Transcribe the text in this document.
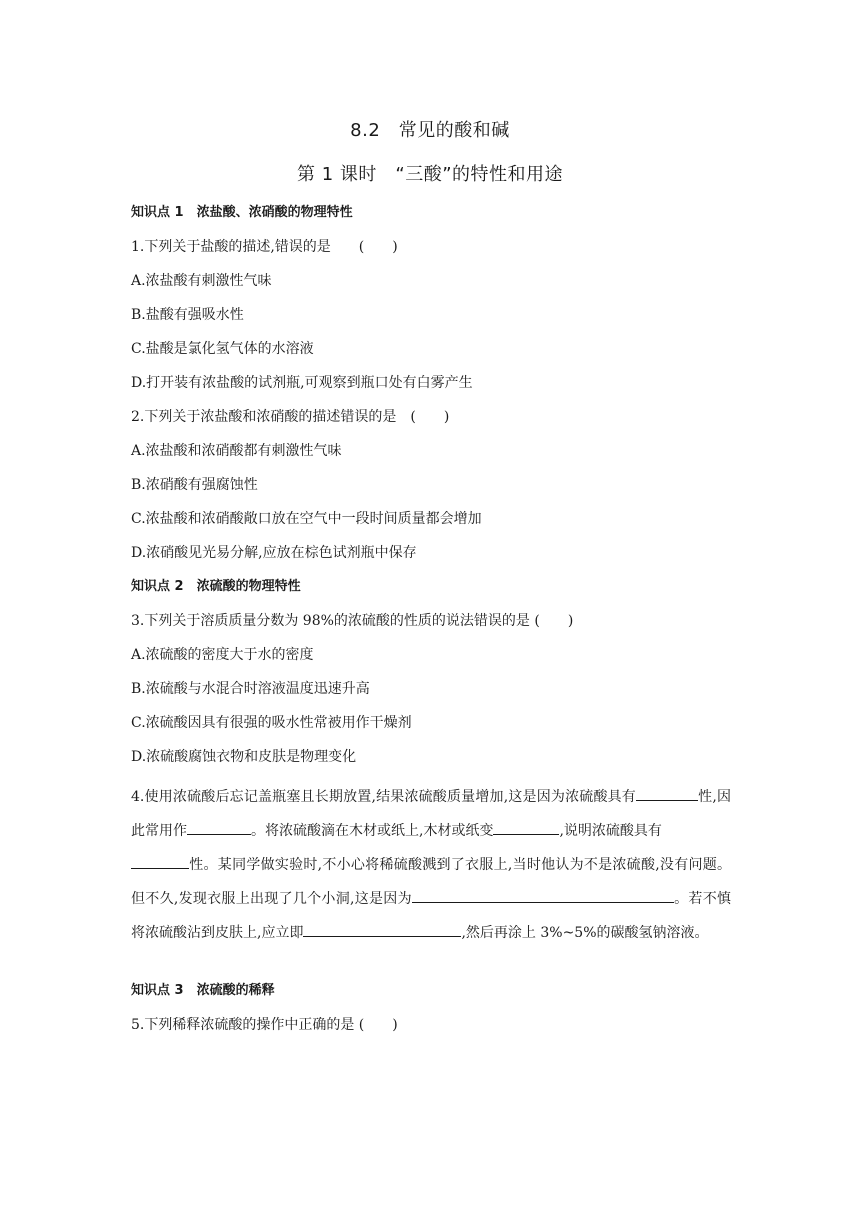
8.2　常见的酸和碱
第 1 课时　“三酸”的特性和用途
知识点 1　浓盐酸、浓硝酸的物理特性
1.下列关于盐酸的描述,错误的是　　(　　)
A.浓盐酸有刺激性气味
B.盐酸有强吸水性
C.盐酸是氯化氢气体的水溶液
D.打开装有浓盐酸的试剂瓶,可观察到瓶口处有白雾产生
2.下列关于浓盐酸和浓硝酸的描述错误的是　(　　)
A.浓盐酸和浓硝酸都有刺激性气味
B.浓硝酸有强腐蚀性
C.浓盐酸和浓硝酸敞口放在空气中一段时间质量都会增加
D.浓硝酸见光易分解,应放在棕色试剂瓶中保存
知识点 2　浓硫酸的物理特性
3.下列关于溶质质量分数为 98%的浓硫酸的性质的说法错误的是 (　　)
A.浓硫酸的密度大于水的密度
B.浓硫酸与水混合时溶液温度迅速升高
C.浓硫酸因具有很强的吸水性常被用作干燥剂
D.浓硫酸腐蚀衣物和皮肤是物理变化
4.使用浓硫酸后忘记盖瓶塞且长期放置,结果浓硫酸质量增加,这是因为浓硫酸具有	性,因此常用作	。将浓硫酸滴在木材或纸上,木材或纸变	,说明浓硫酸具有
性。某同学做实验时,不小心将稀硫酸溅到了衣服上,当时他认为不是浓硫酸,没有问题。但不久,发现衣服上出现了几个小洞,这是因为	。若不慎将浓硫酸沾到皮肤上,应立即	,然后再涂上 3%~5%的碳酸氢钠溶液。
知识点 3　浓硫酸的稀释
5.下列稀释浓硫酸的操作中正确的是 (　　)
